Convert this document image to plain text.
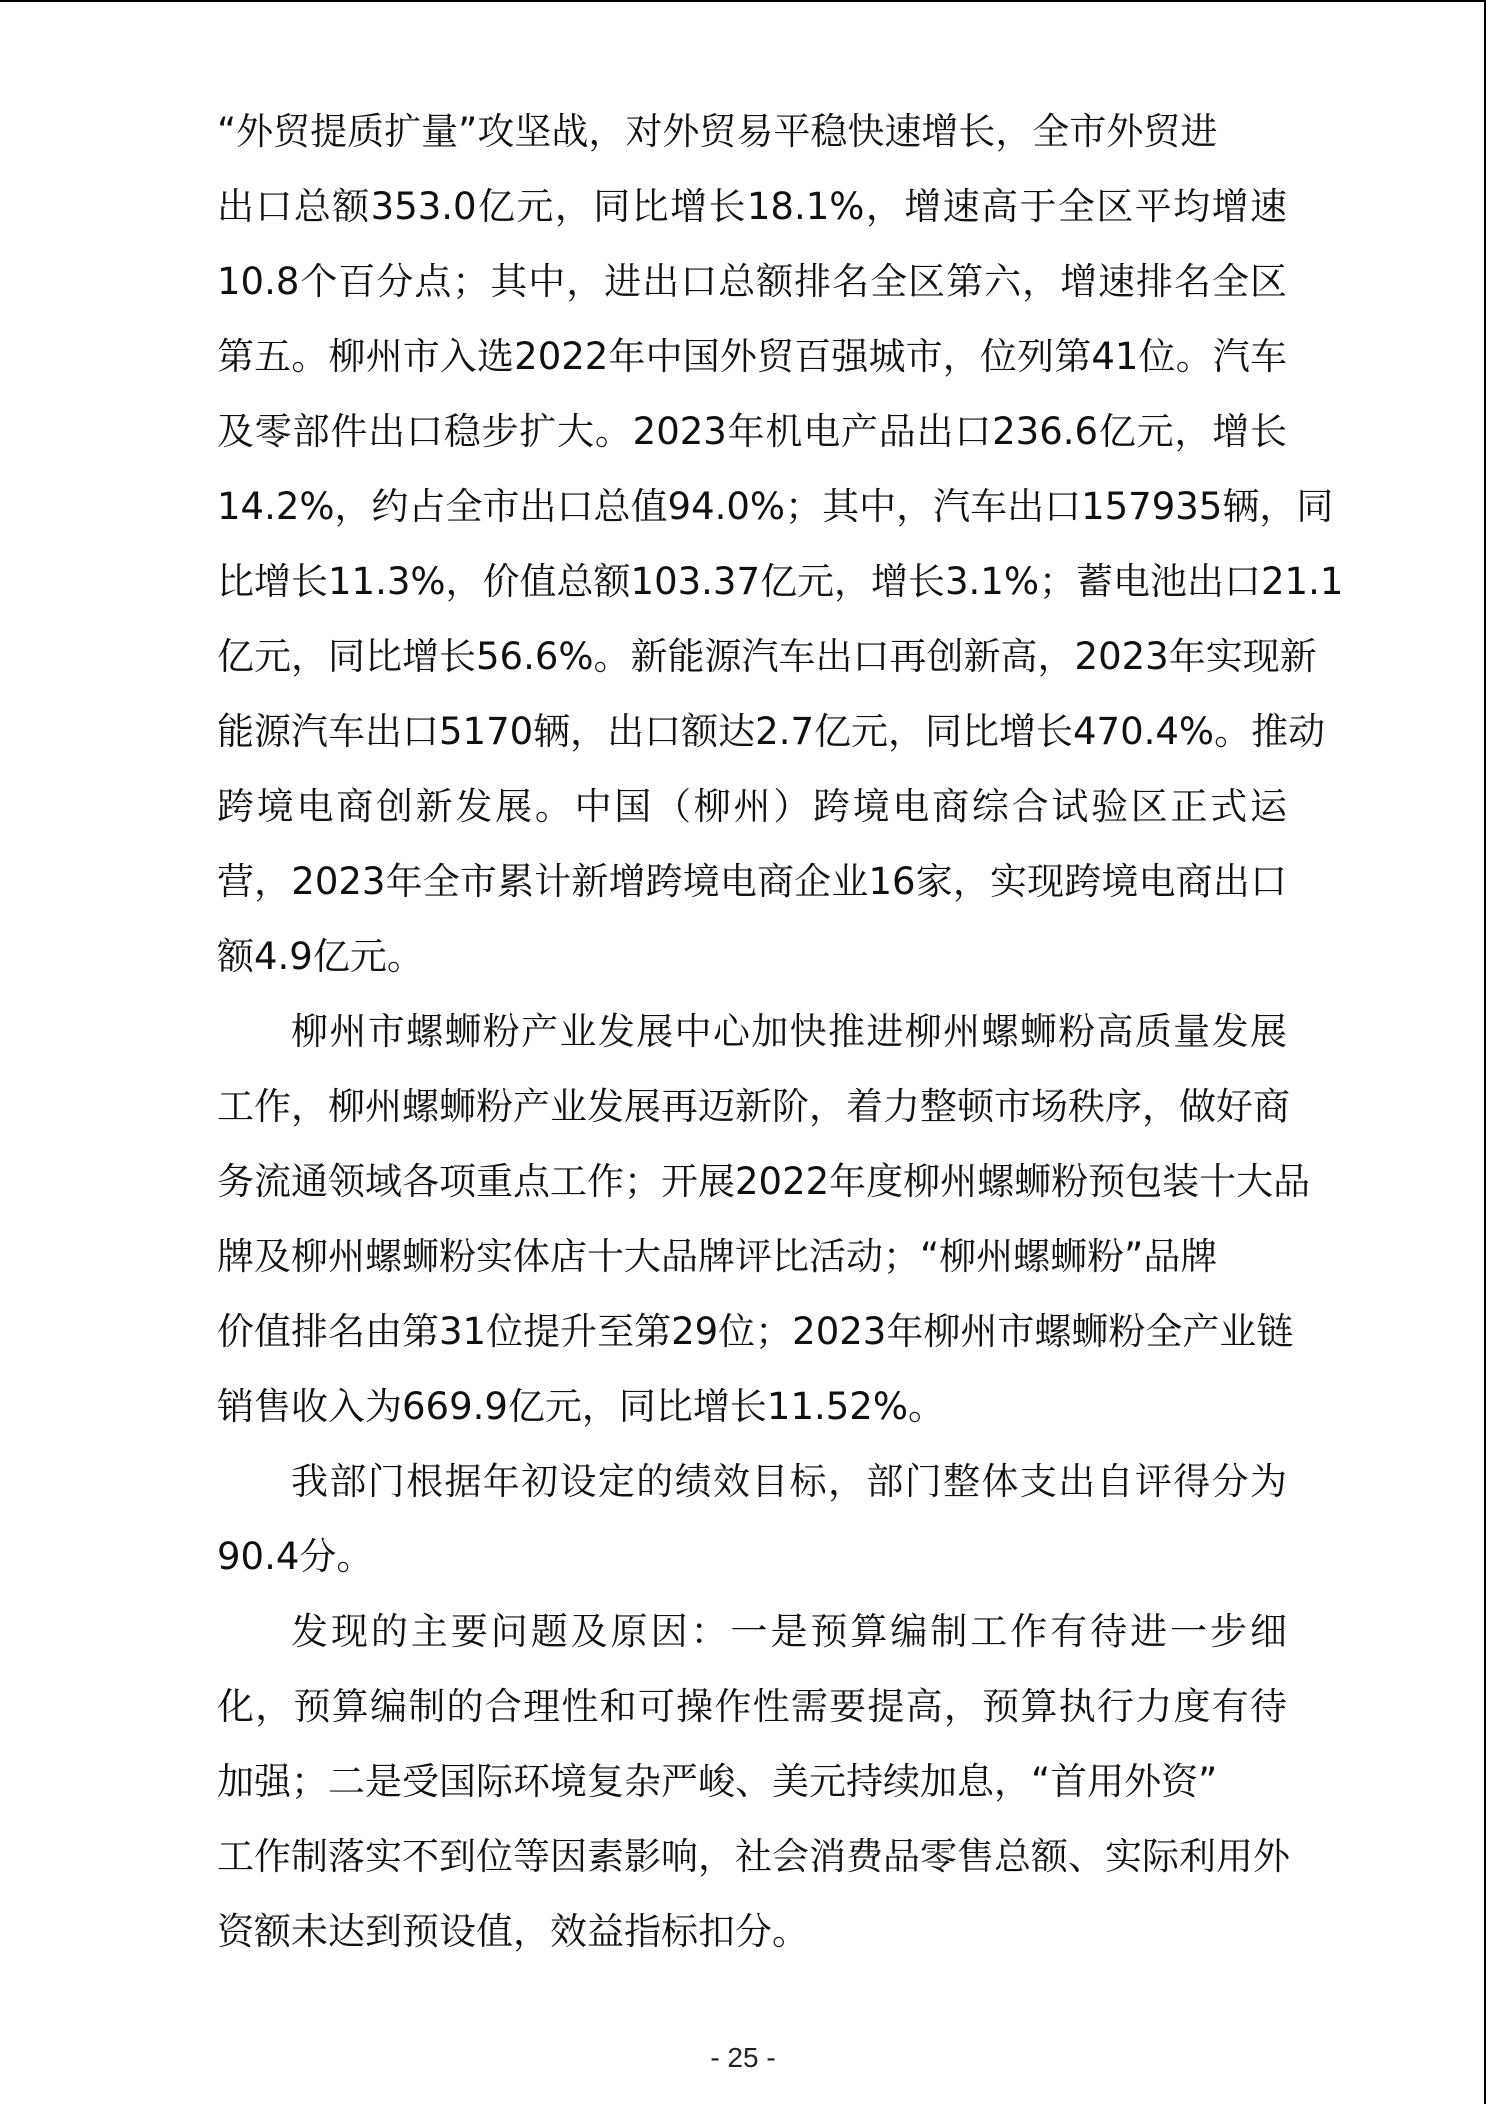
“外贸提质扩量”攻坚战，对外贸易平稳快速增长，全市外贸进
出口总额353.0亿元，同比增长18.1%，增速高于全区平均增速
10.8个百分点；其中，进出口总额排名全区第六，增速排名全区
第五。柳州市入选2022年中国外贸百强城市，位列第41位。汽车
及零部件出口稳步扩大。2023年机电产品出口236.6亿元，增长
14.2%，约占全市出口总值94.0%；其中，汽车出口157935辆，同
比增长11.3%，价值总额103.37亿元，增长3.1%；蓄电池出口21.1
亿元，同比增长56.6%。新能源汽车出口再创新高，2023年实现新
能源汽车出口5170辆，出口额达2.7亿元，同比增长470.4%。推动
跨境电商创新发展。中国（柳州）跨境电商综合试验区正式运
营，2023年全市累计新增跨境电商企业16家，实现跨境电商出口
额4.9亿元。
柳州市螺蛳粉产业发展中心加快推进柳州螺蛳粉高质量发展
工作，柳州螺蛳粉产业发展再迈新阶，着力整顿市场秩序，做好商
务流通领域各项重点工作；开展2022年度柳州螺蛳粉预包装十大品
牌及柳州螺蛳粉实体店十大品牌评比活动；“柳州螺蛳粉”品牌
价值排名由第31位提升至第29位；2023年柳州市螺蛳粉全产业链
销售收入为669.9亿元，同比增长11.52%。
我部门根据年初设定的绩效目标，部门整体支出自评得分为
90.4分。
发现的主要问题及原因：一是预算编制工作有待进一步细
化，预算编制的合理性和可操作性需要提高，预算执行力度有待
加强；二是受国际环境复杂严峻、美元持续加息，“首用外资”
工作制落实不到位等因素影响，社会消费品零售总额、实际利用外
资额未达到预设值，效益指标扣分。
- 25 -
